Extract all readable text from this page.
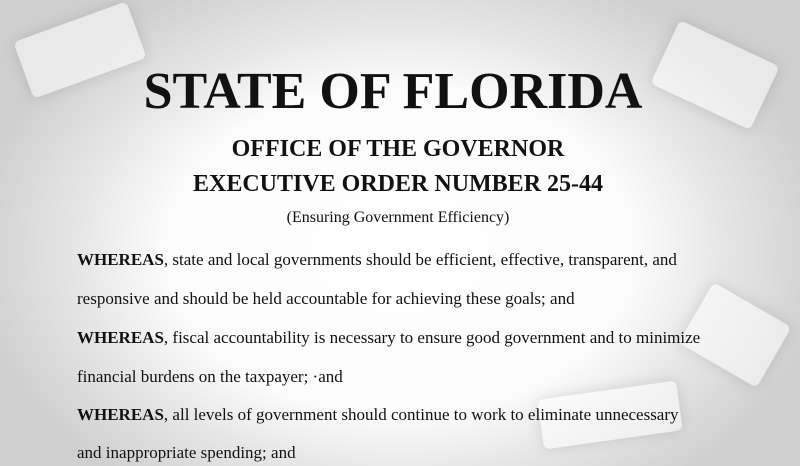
STATE OF FLORIDA
OFFICE OF THE GOVERNOR
EXECUTIVE ORDER NUMBER 25-44
(Ensuring Government Efficiency)
WHEREAS, state and local governments should be efficient, effective, transparent, and
responsive and should be held accountable for achieving these goals; and
WHEREAS, fiscal accountability is necessary to ensure good government and to minimize
financial burdens on the taxpayer; ·and
WHEREAS, all levels of government should continue to work to eliminate unnecessary
and inappropriate spending; and
